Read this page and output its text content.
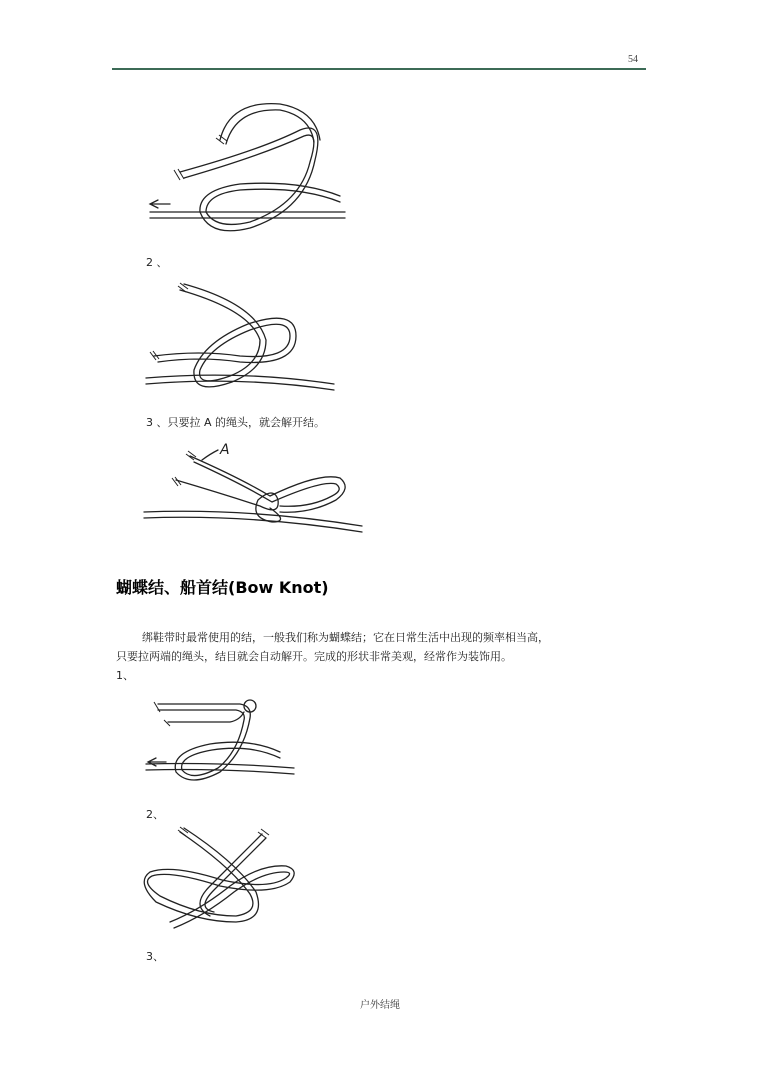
54
2 、
3 、只要拉 A 的绳头，就会解开结。
A
蝴蝶结、船首结(Bow Knot)

绑鞋带时最常使用的结，一般我们称为蝴蝶结；它在日常生活中出现的频率相当高，

只要拉两端的绳头，结目就会自动解开。完成的形状非常美观，经常作为装饰用。

1、

2、
3、
户外结绳
